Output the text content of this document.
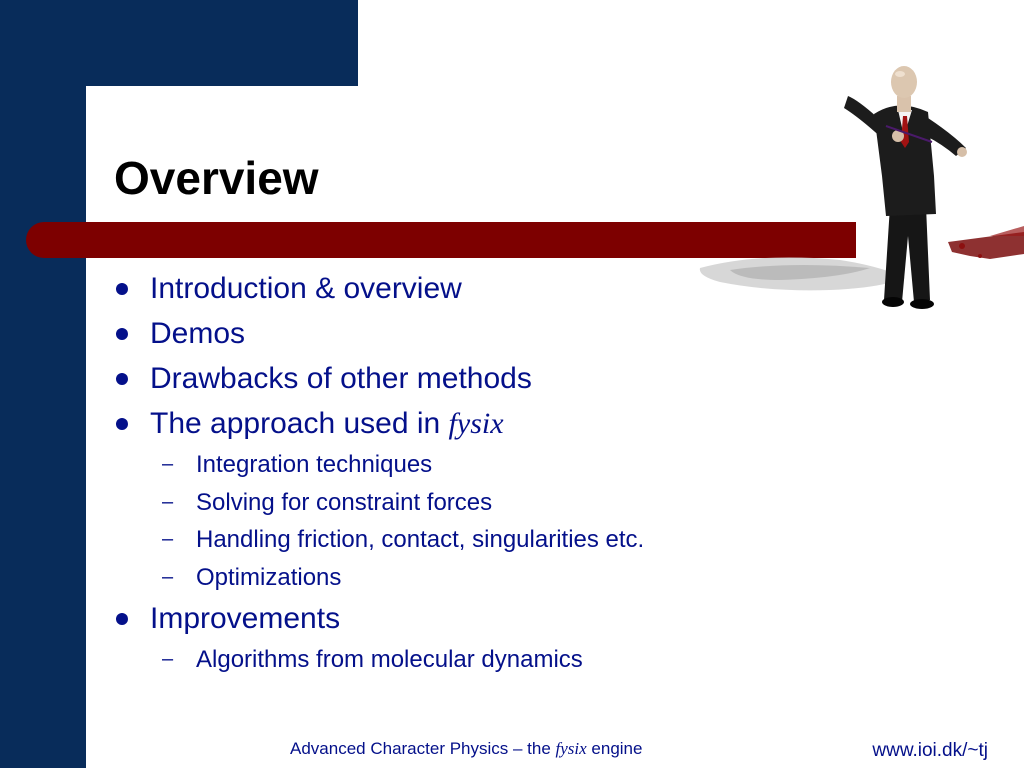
Overview
Introduction & overview
Demos
Drawbacks of other methods
The approach used in fysix
– Integration techniques
– Solving for constraint forces
– Handling friction, contact, singularities etc.
– Optimizations
Improvements
– Algorithms from molecular dynamics
Advanced Character Physics – the fysix engine	www.ioi.dk/~tj
